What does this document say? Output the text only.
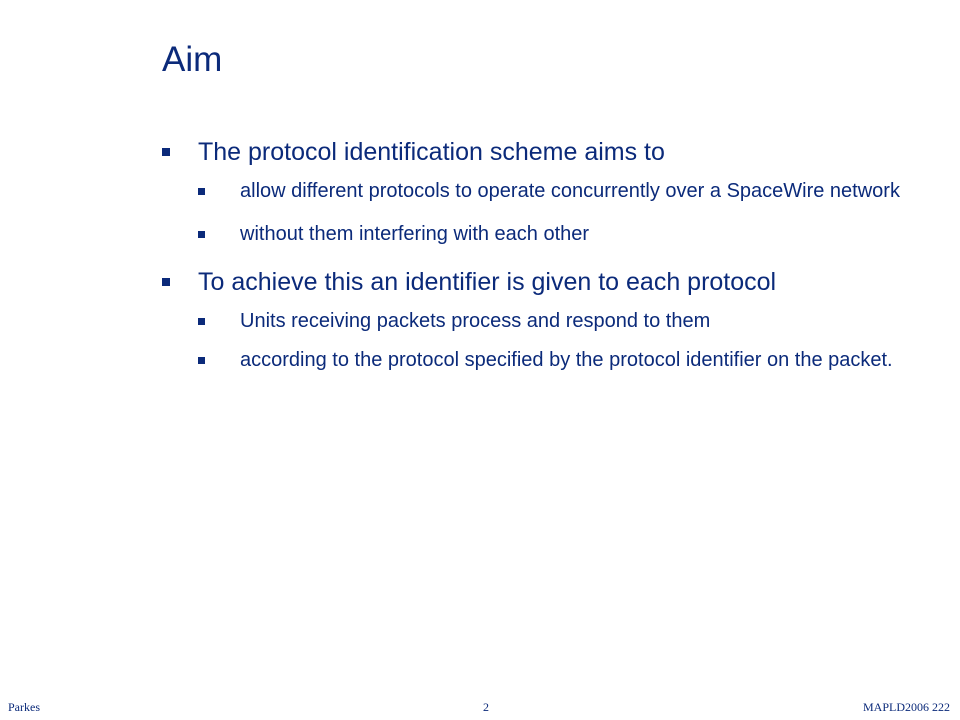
Aim
The protocol identification scheme aims to
allow different protocols to operate concurrently over a SpaceWire network
without them interfering with each other
To achieve this an identifier is given to each protocol
Units receiving packets process and respond to them
according to the protocol specified by the protocol identifier on the packet.
Parkes	2	MAPLD2006 222
